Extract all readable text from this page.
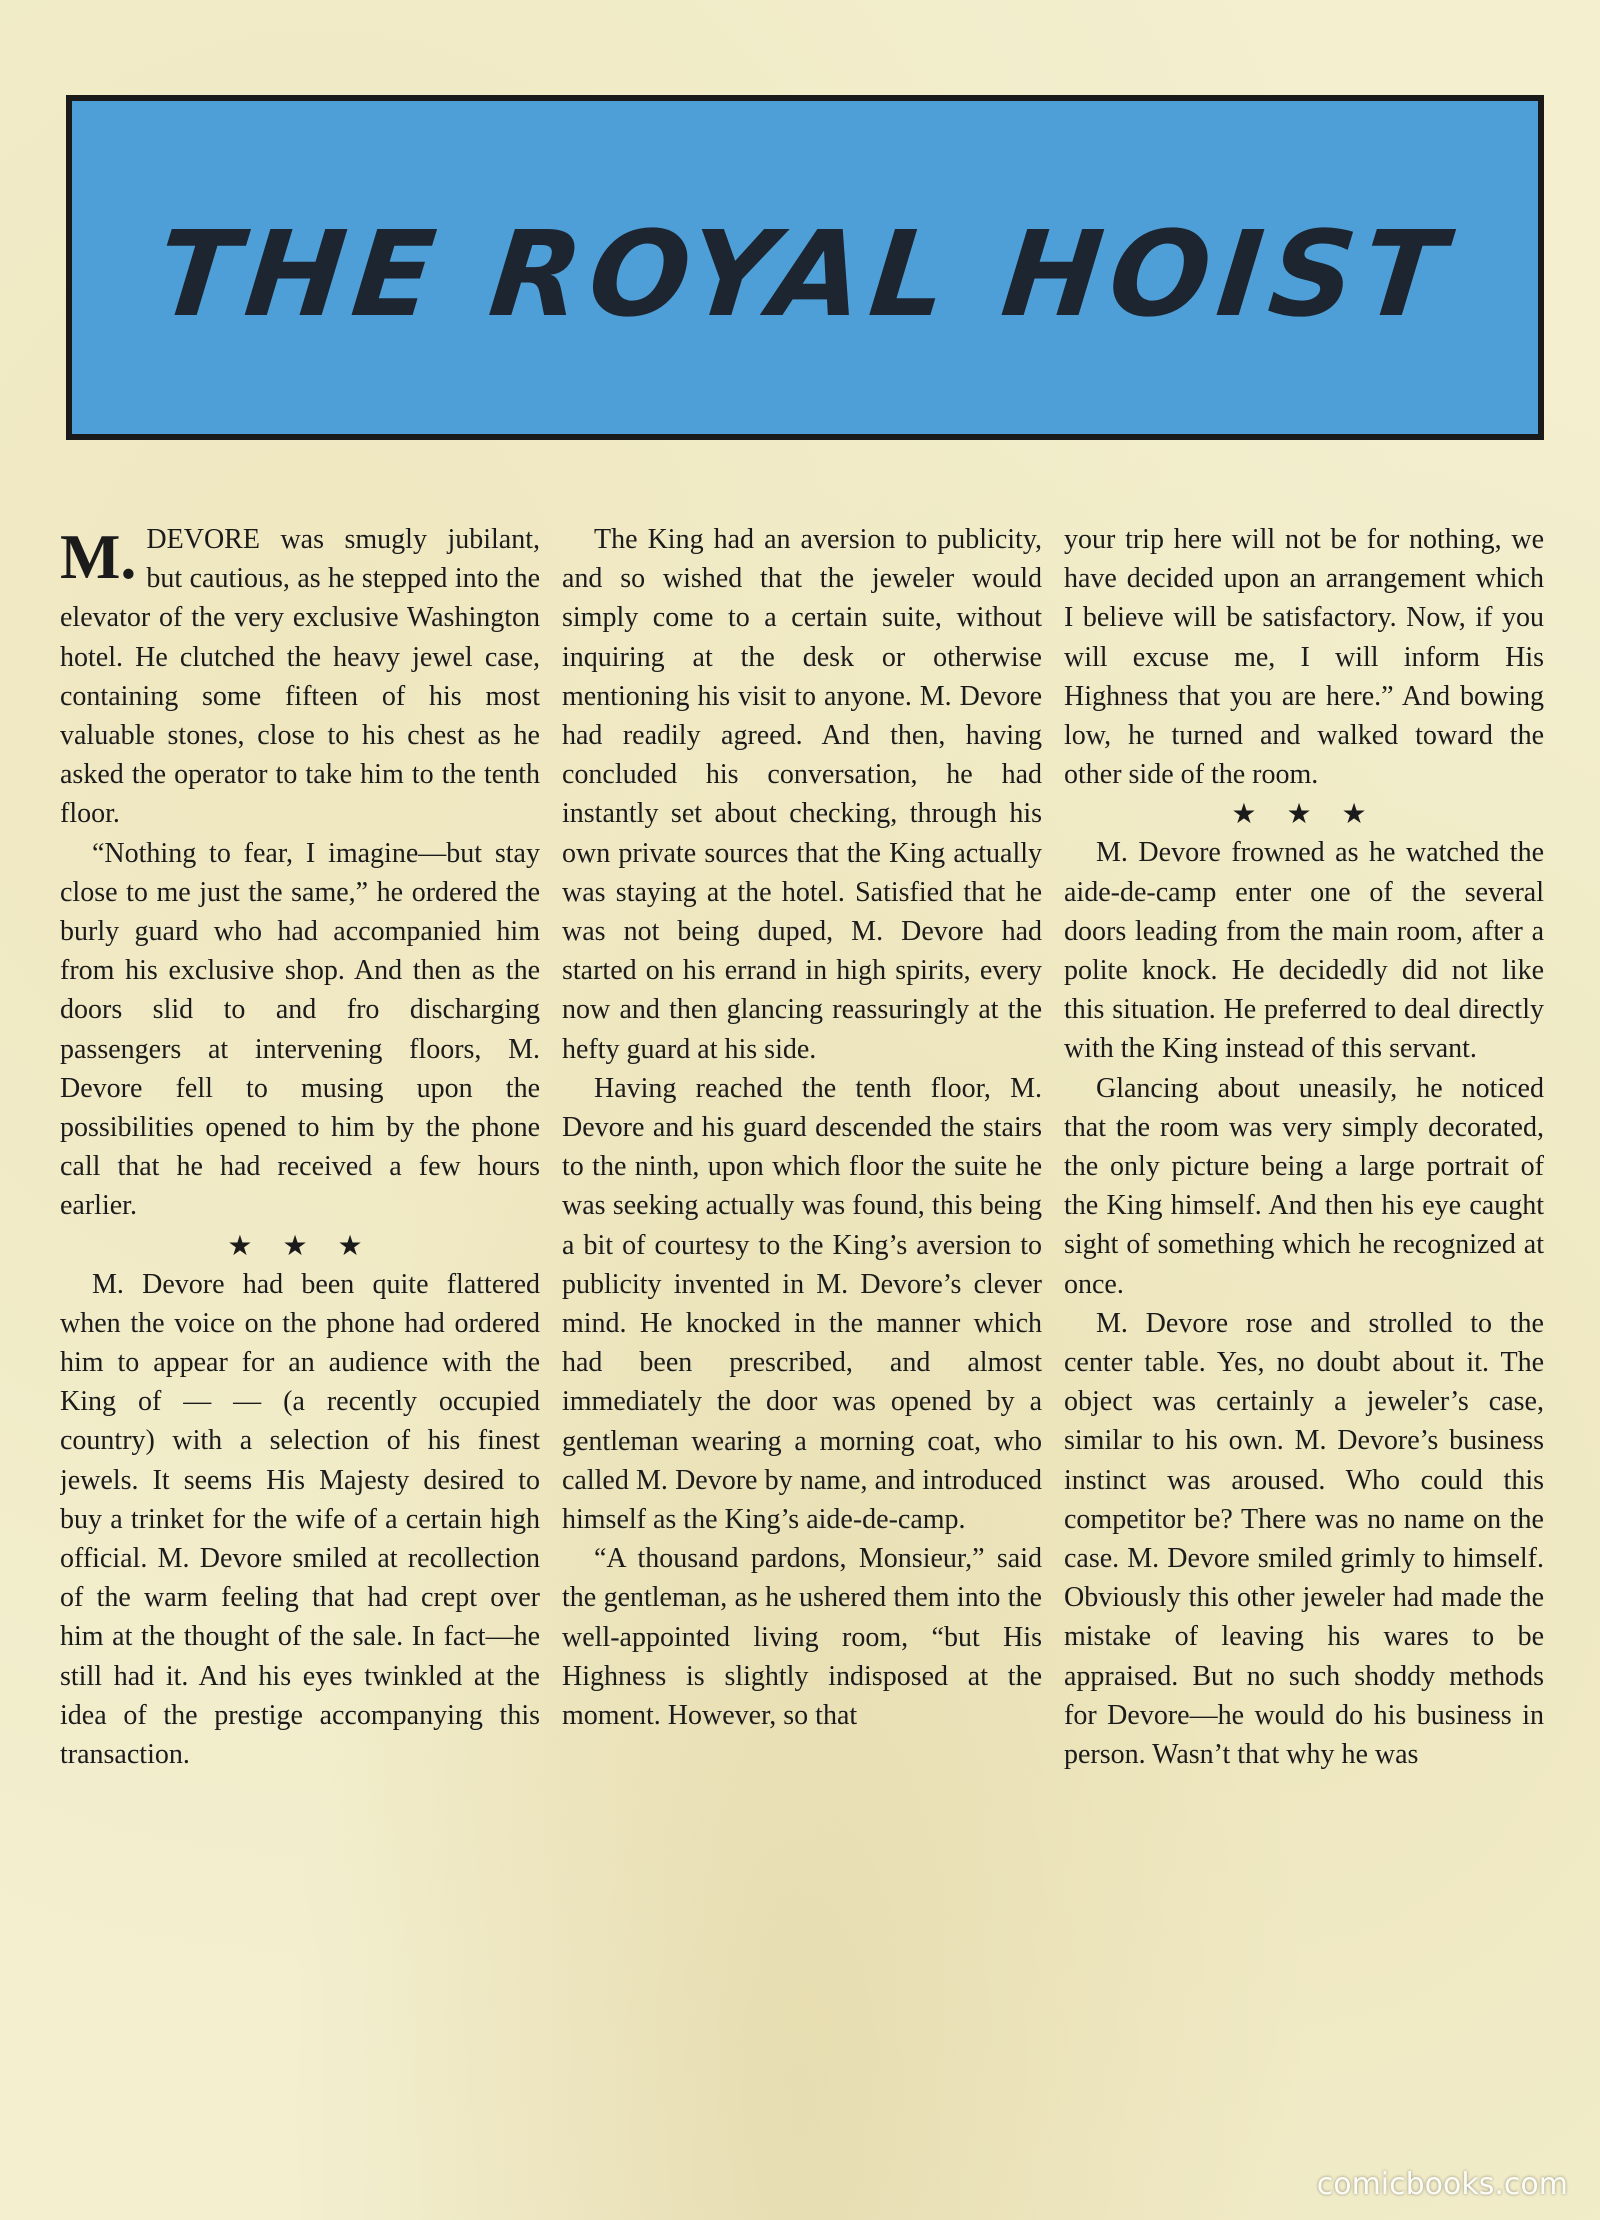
THE ROYAL HOIST

M. DEVORE was smugly jubilant, but cautious, as he stepped into the elevator of the very exclusive Washington hotel. He clutched the heavy jewel case, containing some fifteen of his most valuable stones, close to his chest as he asked the operator to take him to the tenth floor.

“Nothing to fear, I imagine—but stay close to me just the same,” he ordered the burly guard who had accompanied him from his exclusive shop. And then as the doors slid to and fro discharging passengers at intervening floors, M. Devore fell to musing upon the possibilities opened to him by the phone call that he had received a few hours earlier.

★★★

M. Devore had been quite flattered when the voice on the phone had ordered him to appear for an audience with the King of — — (a recently occupied country) with a selection of his finest jewels. It seems His Majesty desired to buy a trinket for the wife of a certain high official. M. Devore smiled at recollection of the warm feeling that had crept over him at the thought of the sale. In fact—he still had it. And his eyes twinkled at the idea of the prestige accompanying this transaction.

The King had an aversion to publicity, and so wished that the jeweler would simply come to a certain suite, without inquiring at the desk or otherwise mentioning his visit to anyone. M. Devore had readily agreed. And then, having concluded his conversation, he had instantly set about checking, through his own private sources that the King actually was staying at the hotel. Satisfied that he was not being duped, M. Devore had started on his errand in high spirits, every now and then glancing reassuringly at the hefty guard at his side.

Having reached the tenth floor, M. Devore and his guard descended the stairs to the ninth, upon which floor the suite he was seeking actually was found, this being a bit of courtesy to the King’s aversion to publicity invented in M. Devore’s clever mind. He knocked in the manner which had been prescribed, and almost immediately the door was opened by a gentleman wearing a morning coat, who called M. Devore by name, and introduced himself as the King’s aide-de-camp.

“A thousand pardons, Monsieur,” said the gentleman, as he ushered them into the well-appointed living room, “but His Highness is slightly indisposed at the moment. However, so that

your trip here will not be for nothing, we have decided upon an arrangement which I believe will be satisfactory. Now, if you will excuse me, I will inform His Highness that you are here.” And bowing low, he turned and walked toward the other side of the room.

★★★

M. Devore frowned as he watched the aide-de-camp enter one of the several doors leading from the main room, after a polite knock. He decidedly did not like this situation. He preferred to deal directly with the King instead of this servant.

Glancing about uneasily, he noticed that the room was very simply decorated, the only picture being a large portrait of the King himself. And then his eye caught sight of something which he recognized at once.

M. Devore rose and strolled to the center table. Yes, no doubt about it. The object was certainly a jeweler’s case, similar to his own. M. Devore’s business instinct was aroused. Who could this competitor be? There was no name on the case. M. Devore smiled grimly to himself. Obviously this other jeweler had made the mistake of leaving his wares to be appraised. But no such shoddy methods for Devore—he would do his business in person. Wasn’t that why he was

comicbooks.com
